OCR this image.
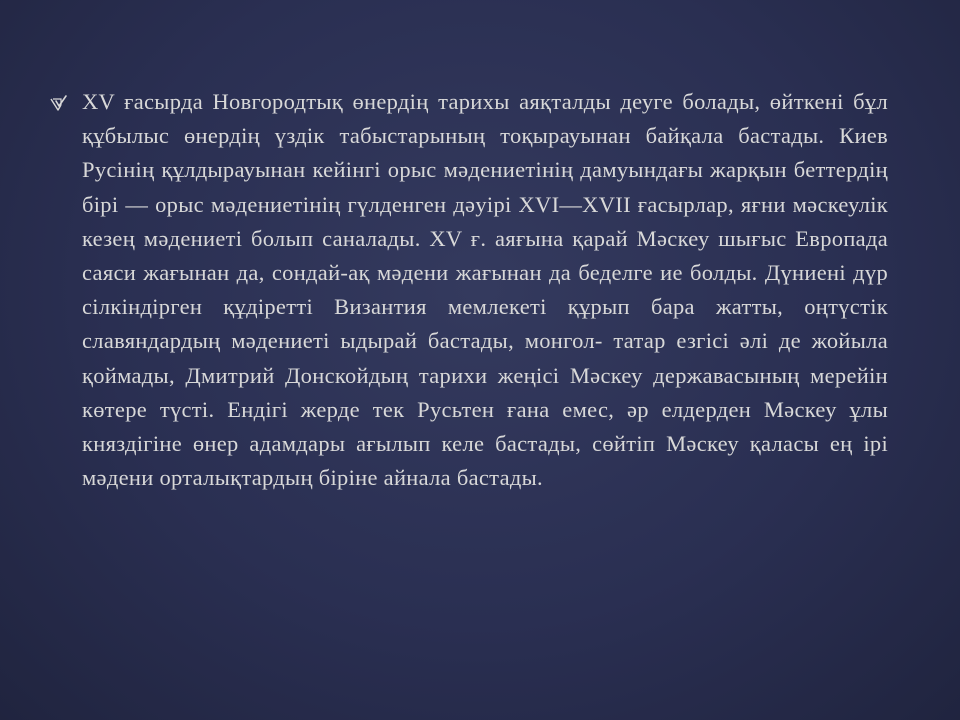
XV ғасырда Новгородтық өнердің тарихы аяқталды деуге болады, өйткені бұл құбылыс өнердің үздік табыстарының тоқырауынан байқала бастады. Киев Русінің құлдырауынан кейінгі орыс мәдениетінің дамуындағы жарқын беттердің бірі — орыс мәдениетінің гүлденген дәуірі XVI—XVII ғасырлар, яғни мәскеулік кезең мәдениеті болып саналады. XV ғ. аяғына қарай Мәскеу шығыс Европада саяси жағынан да, сондай-ақ мәдени жағынан да беделге ие болды. Дүниені дүр сілкіндірген құдіретті Византия мемлекеті құрып бара жатты, оңтүстік славяндардың мәдениеті ыдырай бастады, монгол- татар езгісі әлі де жойыла қоймады, Дмитрий Донскойдың тарихи жеңісі Мәскеу державасының мерейін көтере түсті. Ендігі жерде тек Русьтен ғана емес, әр елдерден Мәскеу ұлы княздігіне өнер адамдары ағылып келе бастады, сөйтіп Мәскеу қаласы ең ірі мәдени орталықтардың біріне айнала бастады.
